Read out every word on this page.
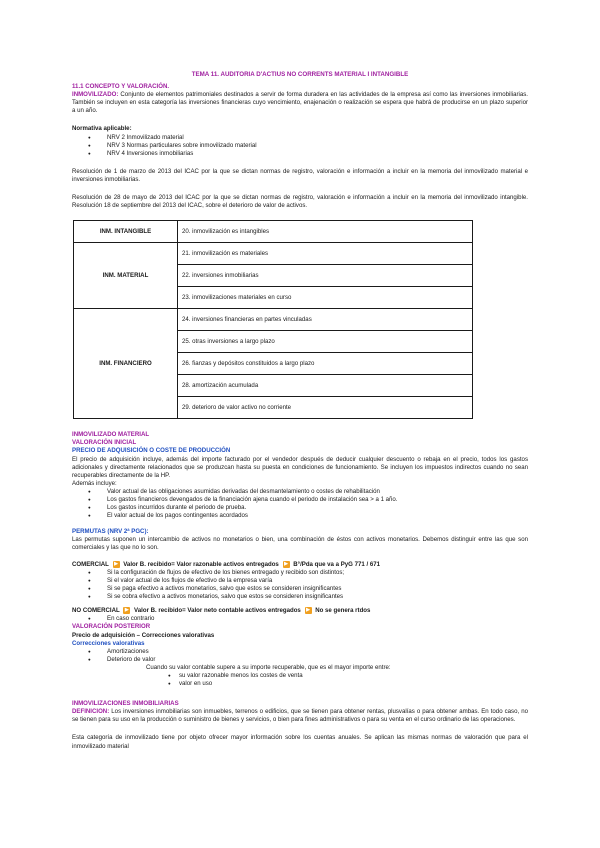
TEMA 11. AUDITORIA D'ACTIUS NO CORRENTS MATERIAL I INTANGIBLE
11.1 CONCEPTO Y VALORACIÓN.
INMOVILIZADO: Conjunto de elementos patrimoniales destinados a servir de forma duradera en las actividades de la empresa así como las inversiones inmobiliarias. También se incluyen en esta categoría las inversiones financieras cuyo vencimiento, enajenación o realización se espera que habrá de producirse en un plazo superior a un año.
Normativa aplicable:
● NRV 2 Inmovilizado material
● NRV 3 Normas particulares sobre inmovilizado material
● NRV 4 Inversiones inmobiliarias
Resolución de 1 de marzo de 2013 del ICAC por la que se dictan normas de registro, valoración e información a incluir en la memoria del inmovilizado material e inversiones inmobiliarias.
Resolución de 28 de mayo de 2013 del ICAC por la que se dictan normas de registro, valoración e información a incluir en la memoria del inmovilizado intangible. Resolución 18 de septiembre del 2013 del ICAC, sobre el deterioro de valor de activos.
INM. INTANGIBLE	20. inmovilización es intangibles
INM. MATERIAL	21. inmovilización es materiales
	22. inversiones inmobiliarias
	23. inmovilizaciones materiales en curso
INM. FINANCIERO	24. inversiones financieras en partes vinculadas
	25. otras inversiones a largo plazo
	26. fianzas y depósitos constituidos a largo plazo
	28. amortización acumulada
	29. deterioro de valor activo no corriente
INMOVILIZADO MATERIAL
VALORACIÓN INICIAL
PRECIO DE ADQUISICIÓN O COSTE DE PRODUCCIÓN
El precio de adquisición incluye, además del importe facturado por el vendedor después de deducir cualquier descuento o rebaja en el precio, todos los gastos adicionales y directamente relacionados que se produzcan hasta su puesta en condiciones de funcionamiento. Se incluyen los impuestos indirectos cuando no sean recuperables directamente de la HP.
Además incluye:
● Valor actual de las obligaciones asumidas derivadas del desmantelamiento o costes de rehabilitación
● Los gastos financieros devengados de la financiación ajena cuando el periodo de instalación sea > a 1 año.
● Los gastos incurridos durante el periodo de prueba.
● El valor actual de los pagos contingentes acordados
PERMUTAS (NRV 2ª PGC):
Las permutas suponen un intercambio de activos no monetarios o bien, una combinación de éstos con activos monetarios. Debemos distinguir entre las que son comerciales y las que no lo son.
COMERCIAL ▶ Valor B. recibido= Valor razonable activos entregados ▶ B°/Pdа que va a PyG 771 / 671
● Si la configuración de flujos de efectivo de los bienes entregado y recibido son distintos;
● Si el valor actual de los flujos de efectivo de la empresa varía
● Si se paga efectivo a activos monetarios, salvo que estos se consideren insignificantes
● Si se cobra efectivo a activos monetarios, salvo que estos se consideren insignificantes
NO COMERCIAL ▶ Valor B. recibido= Valor neto contable activos entregados ▶ No se genera rtdos
● En caso contrario
VALORACIÓN POSTERIOR
Precio de adquisición – Correcciones valorativas
Correcciones valorativas
● Amortizaciones
● Deterioro de valor
Cuando su valor contable supere a su importe recuperable, que es el mayor importe entre:
● su valor razonable menos los costes de venta
● valor en uso
INMOVILIZACIONES INMOBILIARIAS
DEFINICION: Los inversiones inmobiliarias son inmuebles, terrenos o edificios, que se tienen para obtener rentas, plusvalías o para obtener ambas. En todo caso, no se tienen para su uso en la producción o suministro de bienes y servicios, o bien para fines administrativos o para su venta en el curso ordinario de las operaciones.
Esta categoría de inmovilizado tiene por objeto ofrecer mayor información sobre los cuentas anuales. Se aplican las mismas normas de valoración que para el inmovilizado material
